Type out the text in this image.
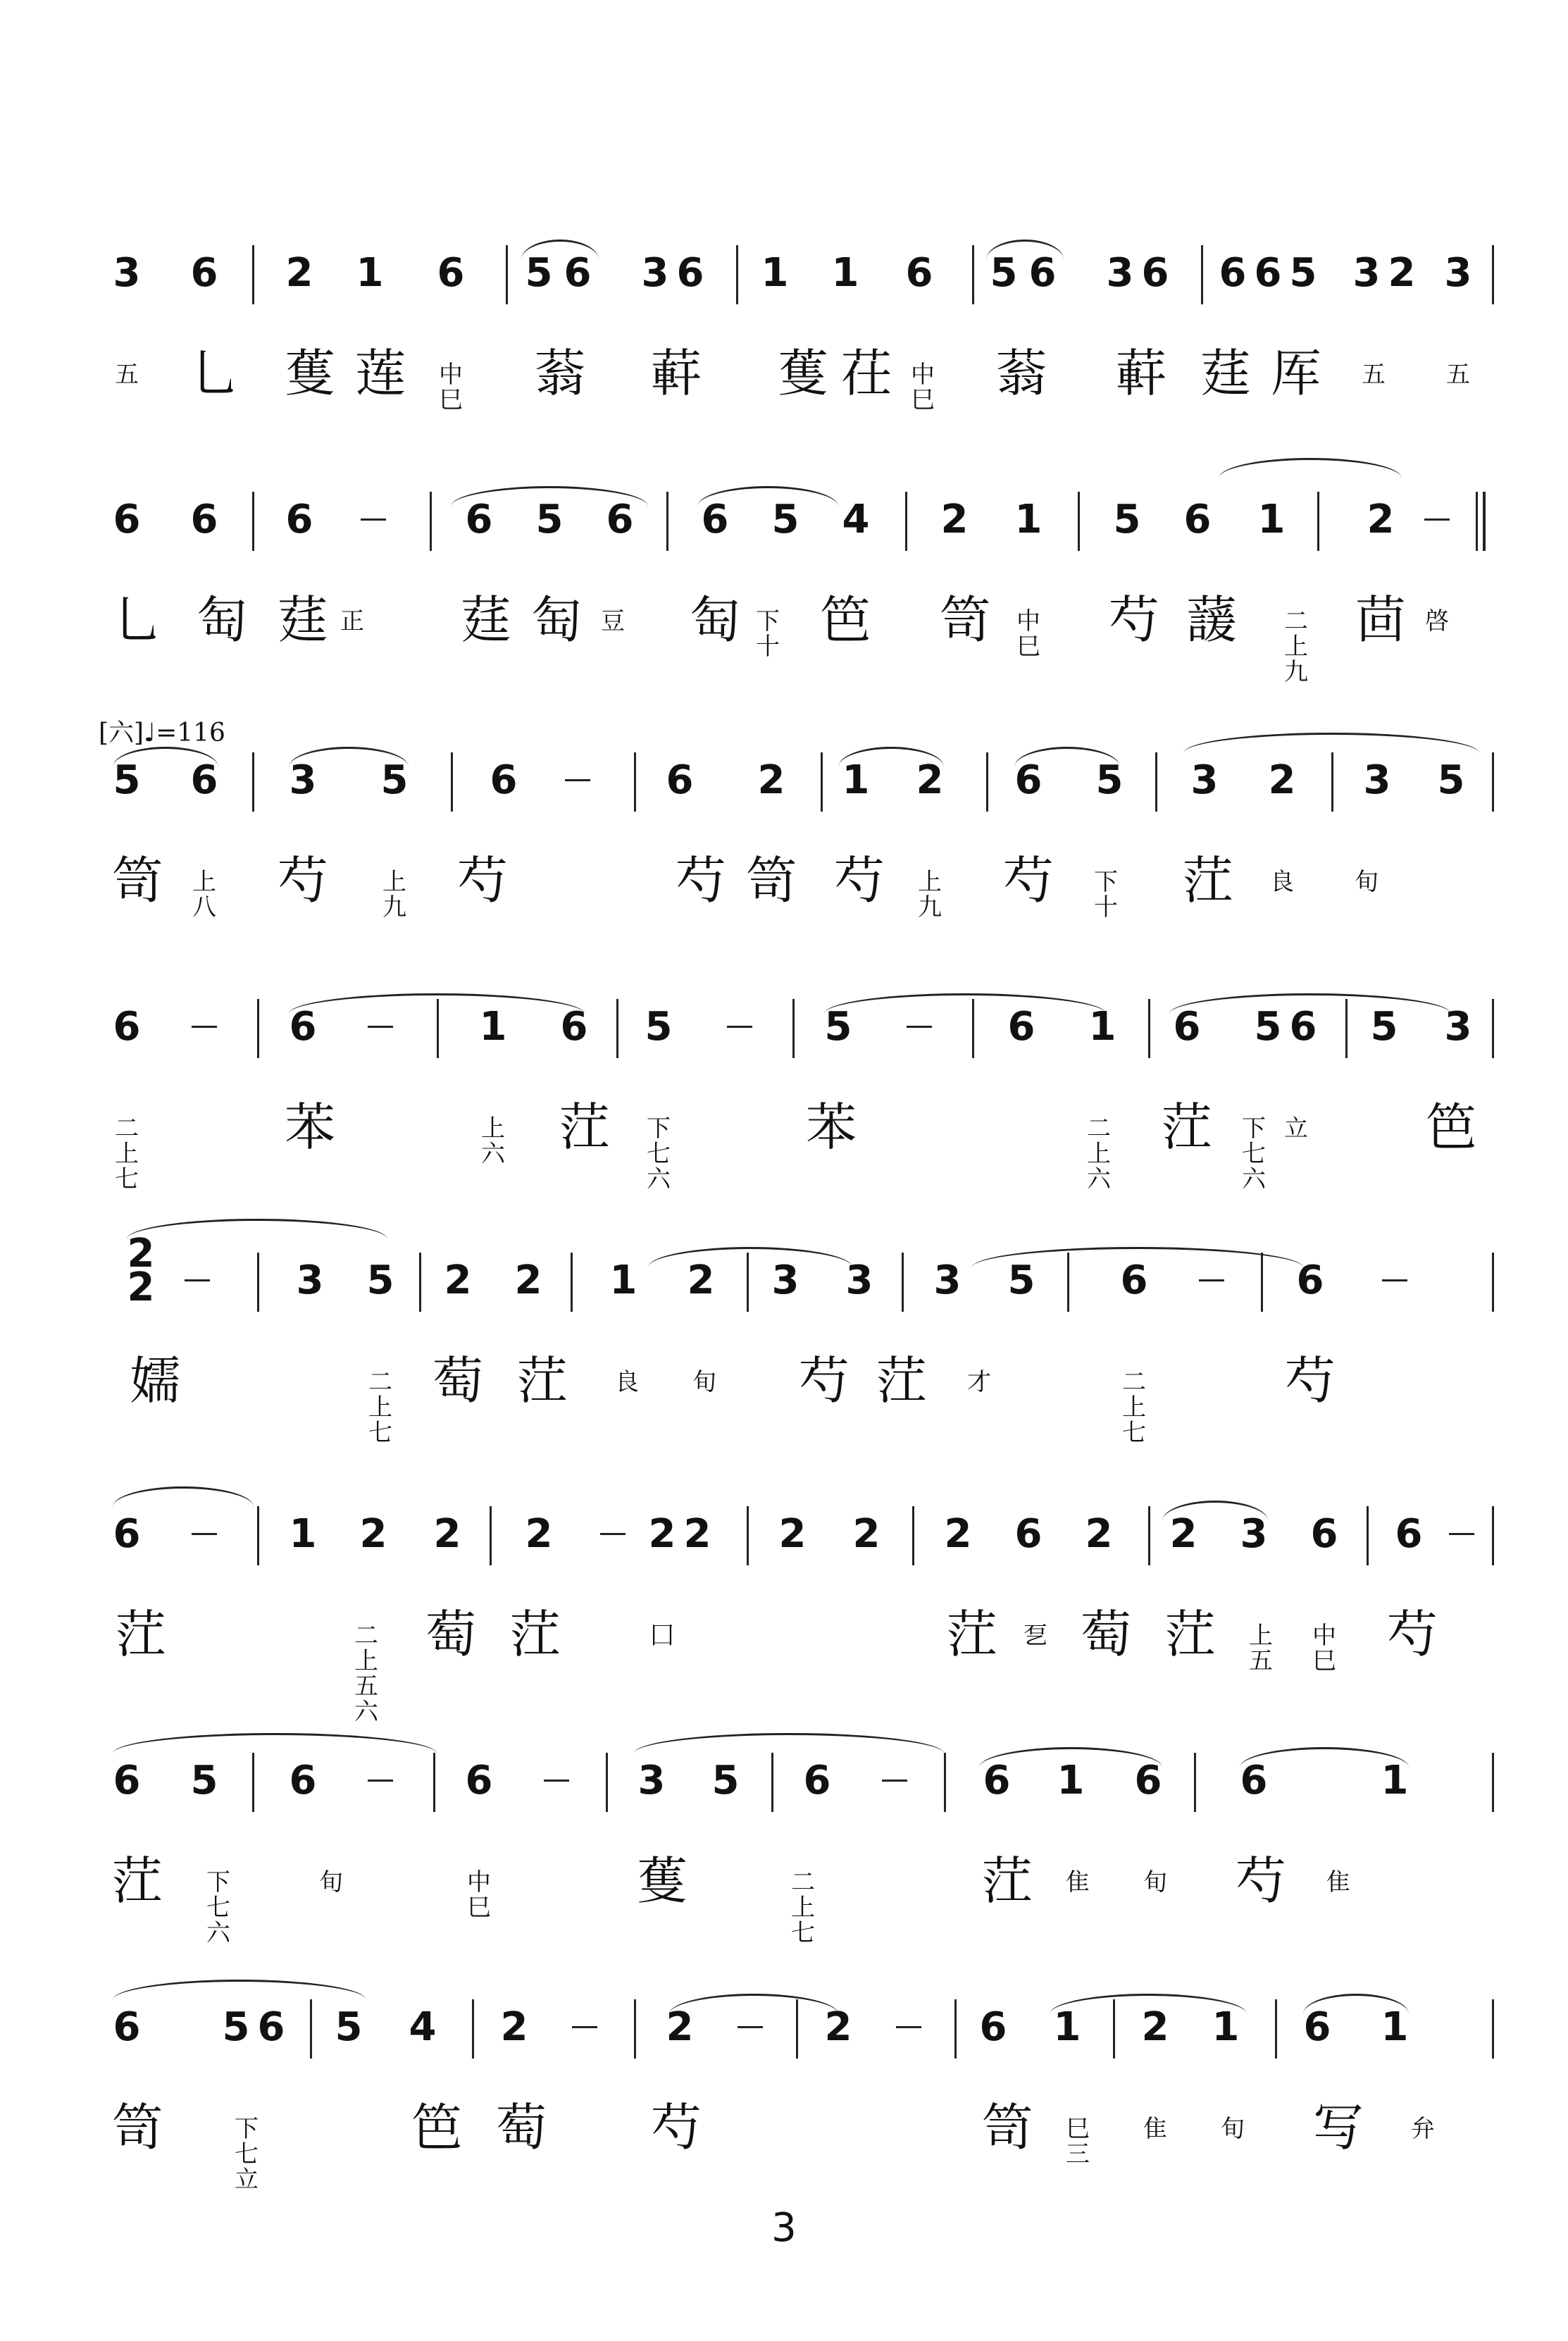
3 6 2 1 6 5 6 3 6 1 1 6 5 6 3 6 6 6 5 3 2 3
五 乚 蒦 莲	中巳 蓊 蓒 蒦 茌 中巳 蓊 蓒 莛 厍	五	五
6 6 6	6 5 6 6 5 4 2 1 5 6 1 2
乚 匋 莛 正 莛 匋 豆 匋 下十 笆 笥	中巳 芍 蘐	二上九
茴 啓
[六]♩=116
5 6 3 5 6	6 2 1 2 6 5 3 2 3 5
笥	上八 芍	上九 芍	芍 笥 芍	上九 芍	下十 茳	良	旬
6	6	1 6 5	5	6 1 6 5 6 5 3
二上七
苯	上六 茳	下七六
苯	二上六
茳	下七六
立 笆
2
2	3 5 2 2 1 2 3 3 3 5 6	6
嬬	二上七
萄 茳	良	旬 芍 茳	才	二上七
芍
6	1 2 2 2 2 2 2 2 2 6 2 2 3 6 6
茳	二上五六
萄 茳	囗	茳	乭 萄 茳	上五
中巳 芍
6 5 6	6	3 5 6	6 1 6 6	1
茳	下七六
旬	中巳	蒦	二上七
茳	隹	旬 芍	隹
6 5 6 5 4 2	2	2	6 1 2 1 6 1
笥	下七立
笆 萄 芍	笥	巳三
隹	旬 写	弁
3
